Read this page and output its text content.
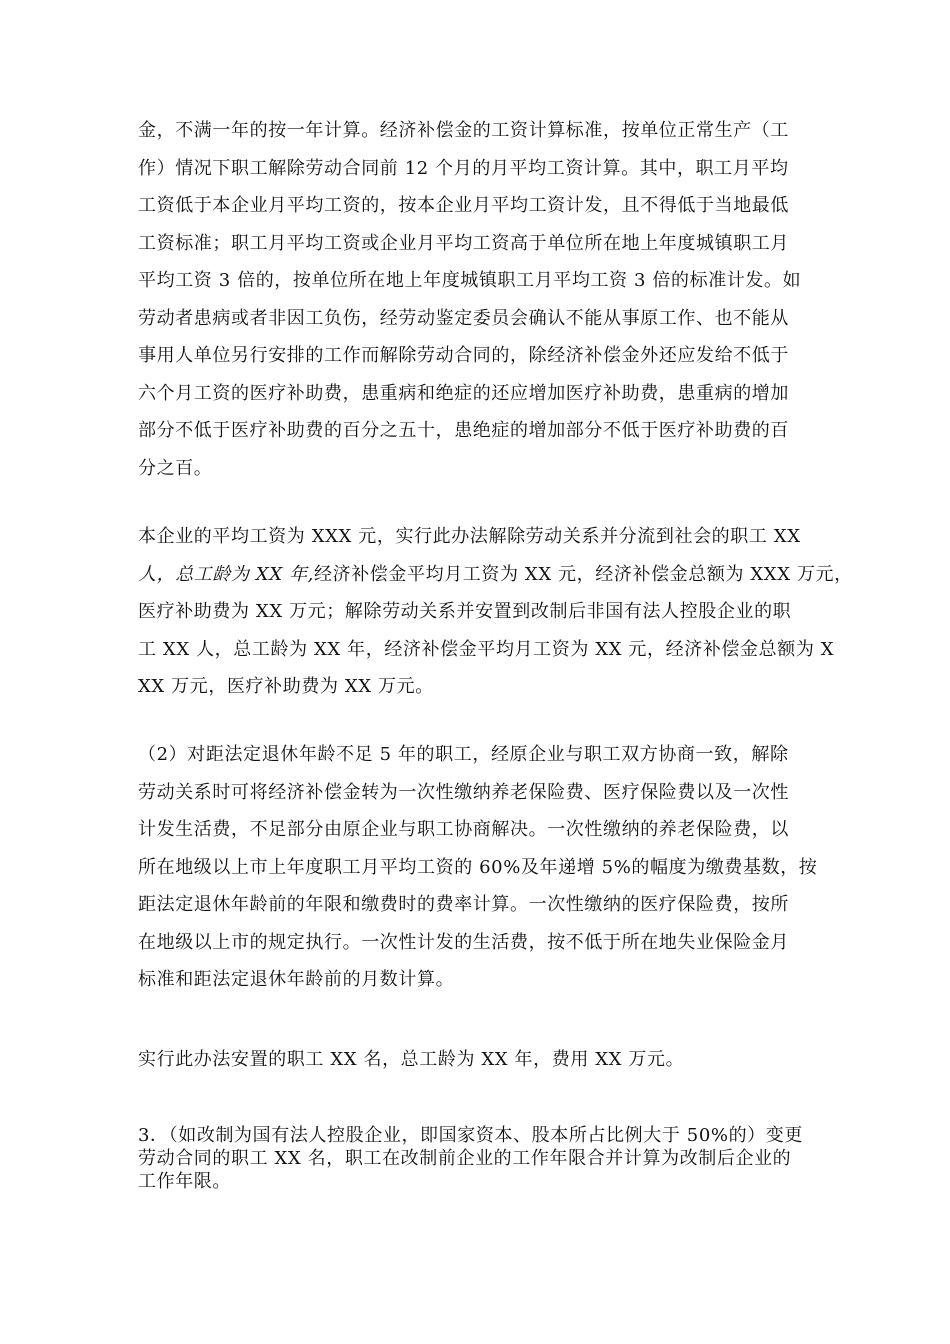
金，不满一年的按一年计算。经济补偿金的工资计算标准，按单位正常生产（工
作）情况下职工解除劳动合同前 12 个月的月平均工资计算。其中，职工月平均
工资低于本企业月平均工资的，按本企业月平均工资计发，且不得低于当地最低
工资标准；职工月平均工资或企业月平均工资高于单位所在地上年度城镇职工月
平均工资 3 倍的，按单位所在地上年度城镇职工月平均工资 3 倍的标准计发。如
劳动者患病或者非因工负伤，经劳动鉴定委员会确认不能从事原工作、也不能从
事用人单位另行安排的工作而解除劳动合同的，除经济补偿金外还应发给不低于
六个月工资的医疗补助费，患重病和绝症的还应增加医疗补助费，患重病的增加
部分不低于医疗补助费的百分之五十，患绝症的增加部分不低于医疗补助费的百
分之百。
本企业的平均工资为 XXX 元，实行此办法解除劳动关系并分流到社会的职工 XX
人，总工龄为 XX 年,经济补偿金平均月工资为 XX 元，经济补偿金总额为 XXX 万元，
医疗补助费为 XX 万元；解除劳动关系并安置到改制后非国有法人控股企业的职
工 XX 人，总工龄为 XX 年，经济补偿金平均月工资为 XX 元，经济补偿金总额为 X
XX 万元，医疗补助费为 XX 万元。
（2）对距法定退休年龄不足 5 年的职工，经原企业与职工双方协商一致，解除
劳动关系时可将经济补偿金转为一次性缴纳养老保险费、医疗保险费以及一次性
计发生活费，不足部分由原企业与职工协商解决。一次性缴纳的养老保险费，以
所在地级以上市上年度职工月平均工资的 60%及年递增 5%的幅度为缴费基数，按
距法定退休年龄前的年限和缴费时的费率计算。一次性缴纳的医疗保险费，按所
在地级以上市的规定执行。一次性计发的生活费，按不低于所在地失业保险金月
标准和距法定退休年龄前的月数计算。
实行此办法安置的职工 XX 名，总工龄为 XX 年，费用 XX 万元。
3．（如改制为国有法人控股企业，即国家资本、股本所占比例大于 50%的）变更
劳动合同的职工 XX 名，职工在改制前企业的工作年限合并计算为改制后企业的
工作年限。
